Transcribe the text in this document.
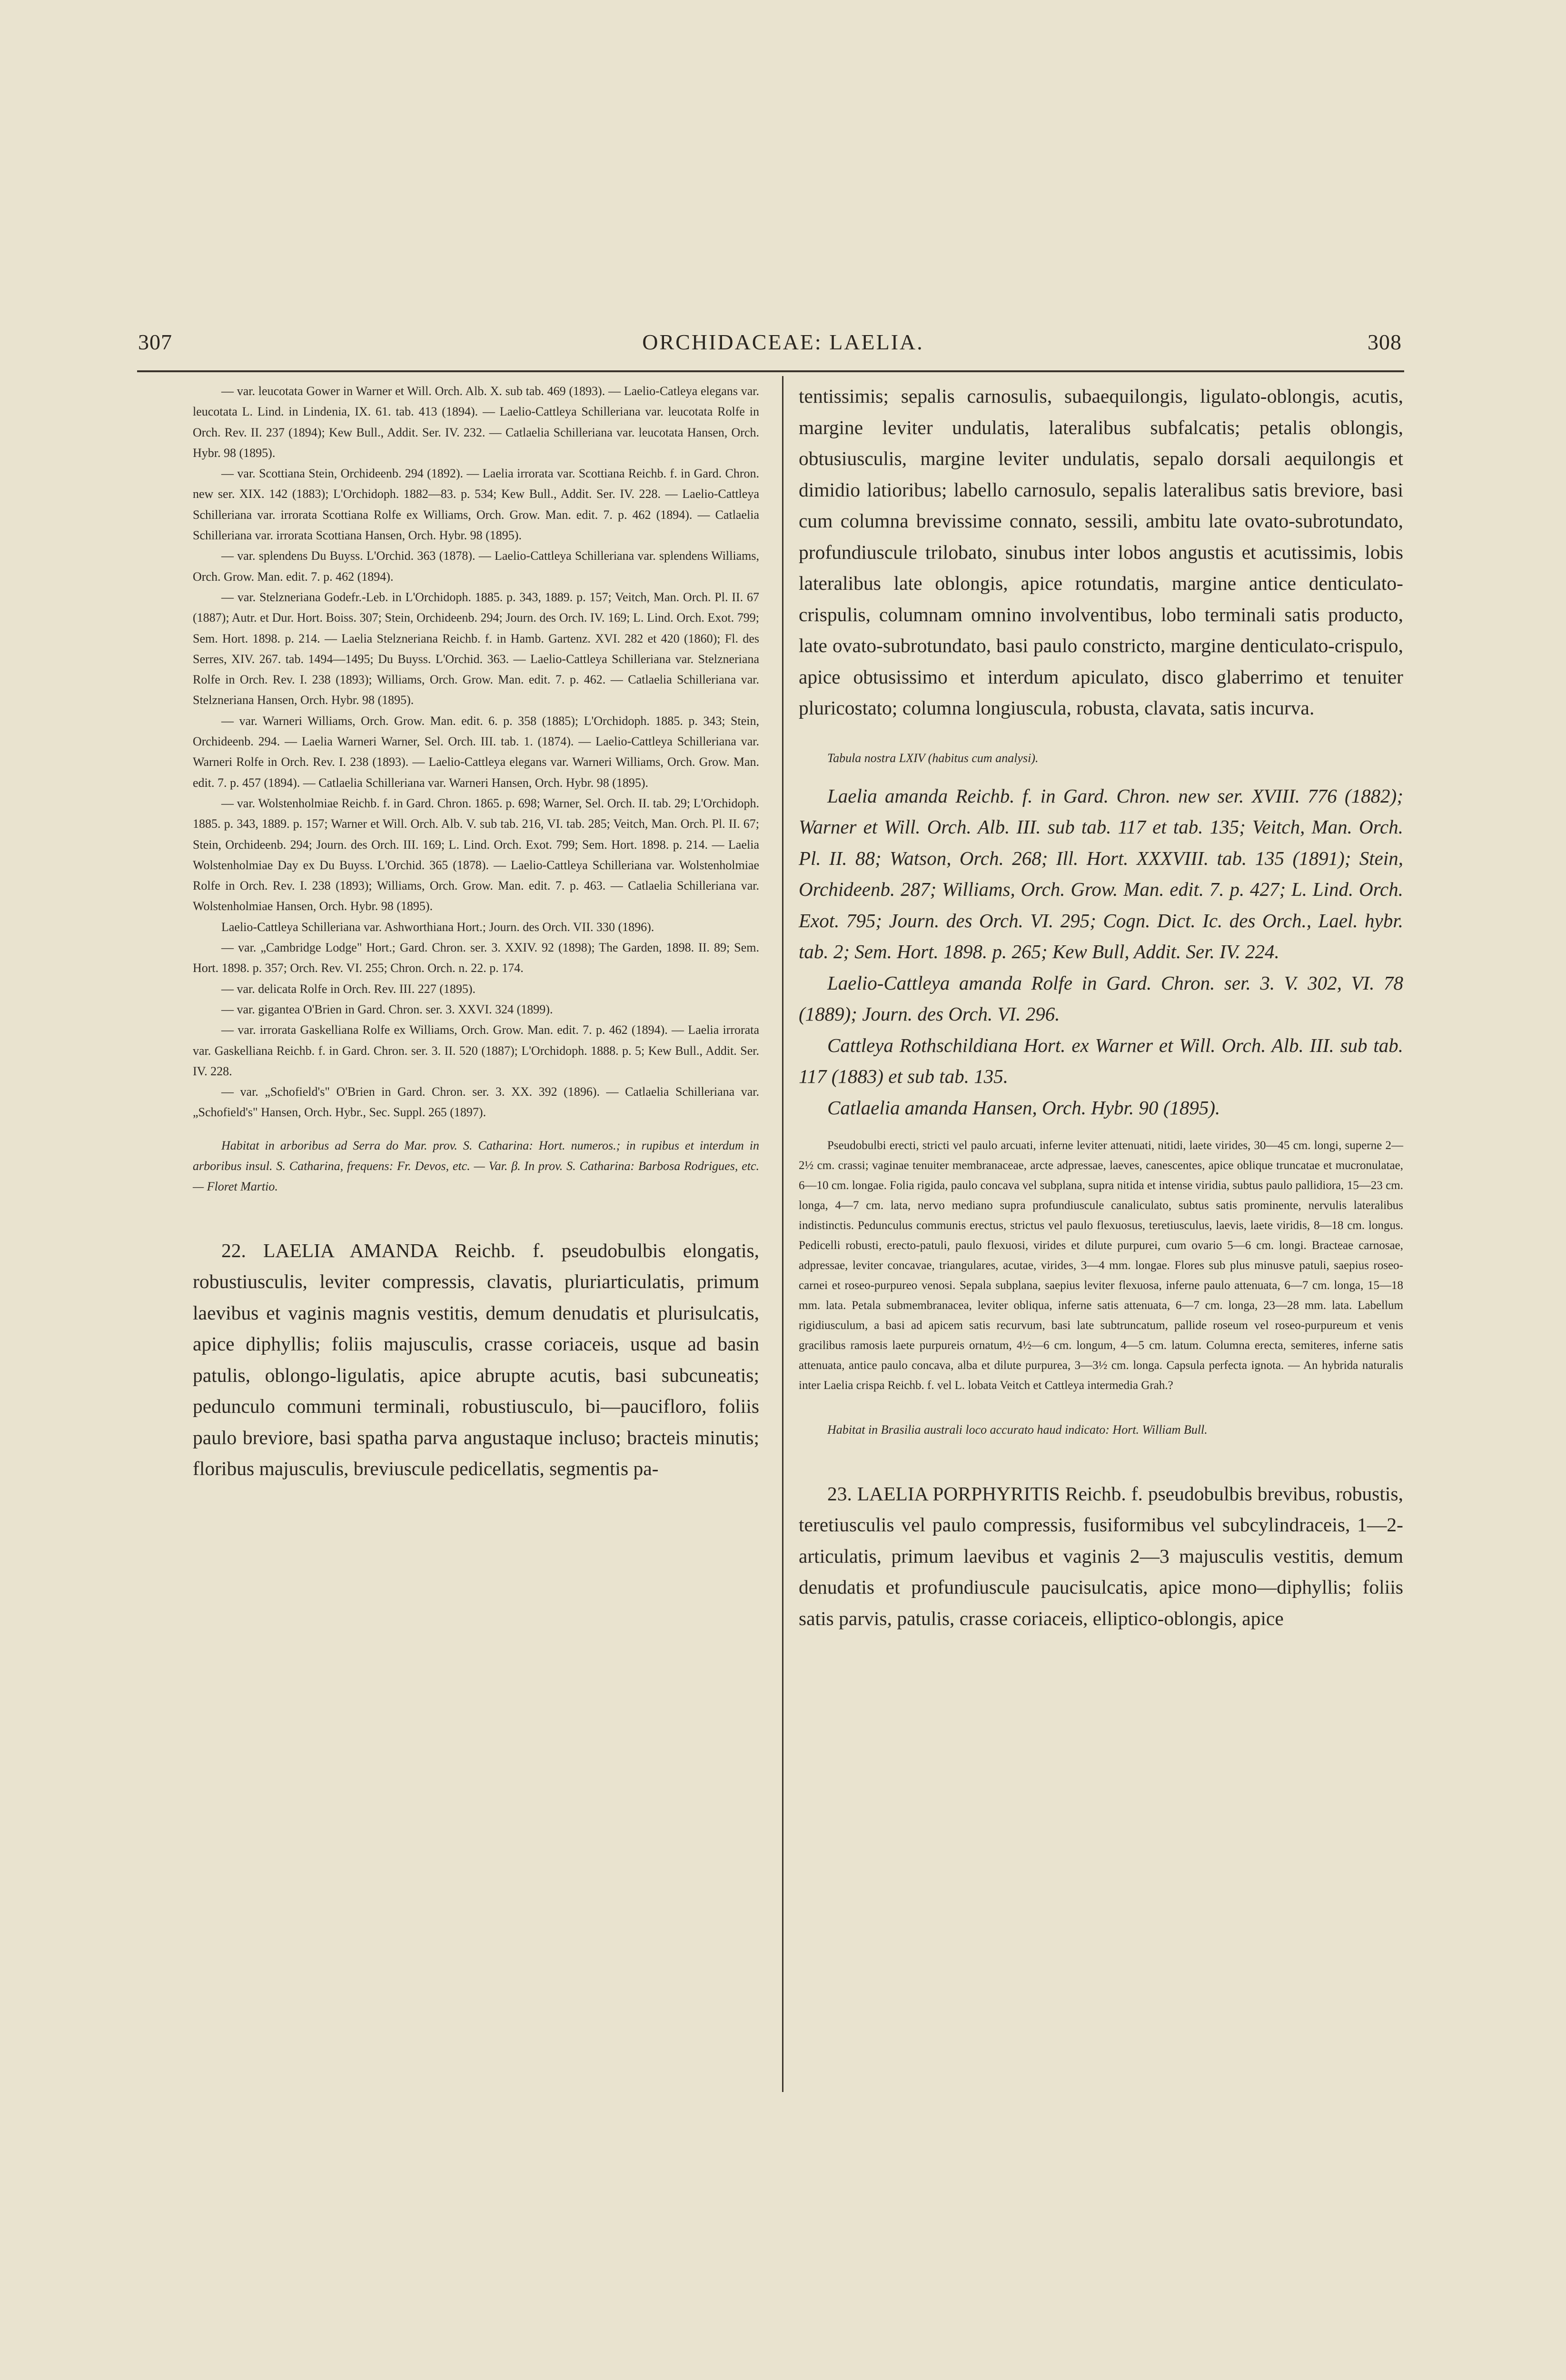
307	ORCHIDACEAE: LAELIA.	308

— var. leucotata Gower in Warner et Will. Orch. Alb. X. sub tab. 469 (1893). — Laelio-Catleya elegans var. leucotata L. Lind. in Lindenia, IX. 61. tab. 413 (1894). — Laelio-Cattleya Schilleriana var. leucotata Rolfe in Orch. Rev. II. 237 (1894); Kew Bull., Addit. Ser. IV. 232. — Catlaelia Schilleriana var. leucotata Hansen, Orch. Hybr. 98 (1895).

— var. Scottiana Stein, Orchideenb. 294 (1892). — Laelia irrorata var. Scottiana Reichb. f. in Gard. Chron. new ser. XIX. 142 (1883); L'Orchidoph. 1882—83. p. 534; Kew Bull., Addit. Ser. IV. 228. — Laelio-Cattleya Schilleriana var. irrorata Scottiana Rolfe ex Williams, Orch. Grow. Man. edit. 7. p. 462 (1894). — Catlaelia Schilleriana var. irrorata Scottiana Hansen, Orch. Hybr. 98 (1895).

— var. splendens Du Buyss. L'Orchid. 363 (1878). — Laelio-Cattleya Schilleriana var. splendens Williams, Orch. Grow. Man. edit. 7. p. 462 (1894).

— var. Stelzneriana Godefr.-Leb. in L'Orchidoph. 1885. p. 343, 1889. p. 157; Veitch, Man. Orch. Pl. II. 67 (1887); Autr. et Dur. Hort. Boiss. 307; Stein, Orchideenb. 294; Journ. des Orch. IV. 169; L. Lind. Orch. Exot. 799; Sem. Hort. 1898. p. 214. — Laelia Stelzneriana Reichb. f. in Hamb. Gartenz. XVI. 282 et 420 (1860); Fl. des Serres, XIV. 267. tab. 1494—1495; Du Buyss. L'Orchid. 363. — Laelio-Cattleya Schilleriana var. Stelzneriana Rolfe in Orch. Rev. I. 238 (1893); Williams, Orch. Grow. Man. edit. 7. p. 462. — Catlaelia Schilleriana var. Stelzneriana Hansen, Orch. Hybr. 98 (1895).

— var. Warneri Williams, Orch. Grow. Man. edit. 6. p. 358 (1885); L'Orchidoph. 1885. p. 343; Stein, Orchideenb. 294. — Laelia Warneri Warner, Sel. Orch. III. tab. 1. (1874). — Laelio-Cattleya Schilleriana var. Warneri Rolfe in Orch. Rev. I. 238 (1893). — Laelio-Cattleya elegans var. Warneri Williams, Orch. Grow. Man. edit. 7. p. 457 (1894). — Catlaelia Schilleriana var. Warneri Hansen, Orch. Hybr. 98 (1895).

— var. Wolstenholmiae Reichb. f. in Gard. Chron. 1865. p. 698; Warner, Sel. Orch. II. tab. 29; L'Orchidoph. 1885. p. 343, 1889. p. 157; Warner et Will. Orch. Alb. V. sub tab. 216, VI. tab. 285; Veitch, Man. Orch. Pl. II. 67; Stein, Orchideenb. 294; Journ. des Orch. III. 169; L. Lind. Orch. Exot. 799; Sem. Hort. 1898. p. 214. — Laelia Wolstenholmiae Day ex Du Buyss. L'Orchid. 365 (1878). — Laelio-Cattleya Schilleriana var. Wolstenholmiae Rolfe in Orch. Rev. I. 238 (1893); Williams, Orch. Grow. Man. edit. 7. p. 463. — Catlaelia Schilleriana var. Wolstenholmiae Hansen, Orch. Hybr. 98 (1895).

Laelio-Cattleya Schilleriana var. Ashworthiana Hort.; Journ. des Orch. VII. 330 (1896).

— var. „Cambridge Lodge" Hort.; Gard. Chron. ser. 3. XXIV. 92 (1898); The Garden, 1898. II. 89; Sem. Hort. 1898. p. 357; Orch. Rev. VI. 255; Chron. Orch. n. 22. p. 174.

— var. delicata Rolfe in Orch. Rev. III. 227 (1895).

— var. gigantea O'Brien in Gard. Chron. ser. 3. XXVI. 324 (1899).

— var. irrorata Gaskelliana Rolfe ex Williams, Orch. Grow. Man. edit. 7. p. 462 (1894). — Laelia irrorata var. Gaskelliana Reichb. f. in Gard. Chron. ser. 3. II. 520 (1887); L'Orchidoph. 1888. p. 5; Kew Bull., Addit. Ser. IV. 228.

— var. „Schofield's" O'Brien in Gard. Chron. ser. 3. XX. 392 (1896). — Catlaelia Schilleriana var. „Schofield's" Hansen, Orch. Hybr., Sec. Suppl. 265 (1897).

Habitat in arboribus ad Serra do Mar. prov. S. Catharina: Hort. numeros.; in rupibus et interdum in arboribus insul. S. Catharina, frequens: Fr. Devos, etc. — Var. β. In prov. S. Catharina: Barbosa Rodrigues, etc. — Floret Martio.

22. LAELIA AMANDA Reichb. f. pseudobulbis elongatis, robustiusculis, leviter compressis, clavatis, pluriarticulatis, primum laevibus et vaginis magnis vestitis, demum denudatis et plurisulcatis, apice diphyllis; foliis majusculis, crasse coriaceis, usque ad basin patulis, oblongo-ligulatis, apice abrupte acutis, basi subcuneatis; pedunculo communi terminali, robustiusculo, bi—paucifloro, foliis paulo breviore, basi spatha parva angustaque incluso; bracteis minutis; floribus majusculis, breviuscule pedicellatis, segmentis pa-

tentissimis; sepalis carnosulis, subaequilongis, ligulato-oblongis, acutis, margine leviter undulatis, lateralibus subfalcatis; petalis oblongis, obtusiusculis, margine leviter undulatis, sepalo dorsali aequilongis et dimidio latioribus; labello carnosulo, sepalis lateralibus satis breviore, basi cum columna brevissime connato, sessili, ambitu late ovato-subrotundato, profundiuscule trilobato, sinubus inter lobos angustis et acutissimis, lobis lateralibus late oblongis, apice rotundatis, margine antice denticulato-crispulis, columnam omnino involventibus, lobo terminali satis producto, late ovato-subrotundato, basi paulo constricto, margine denticulato-crispulo, apice obtusissimo et interdum apiculato, disco glaberrimo et tenuiter pluricostato; columna longiuscula, robusta, clavata, satis incurva.

Tabula nostra LXIV (habitus cum analysi).

Laelia amanda Reichb. f. in Gard. Chron. new ser. XVIII. 776 (1882); Warner et Will. Orch. Alb. III. sub tab. 117 et tab. 135; Veitch, Man. Orch. Pl. II. 88; Watson, Orch. 268; Ill. Hort. XXXVIII. tab. 135 (1891); Stein, Orchideenb. 287; Williams, Orch. Grow. Man. edit. 7. p. 427; L. Lind. Orch. Exot. 795; Journ. des Orch. VI. 295; Cogn. Dict. Ic. des Orch., Lael. hybr. tab. 2; Sem. Hort. 1898. p. 265; Kew Bull, Addit. Ser. IV. 224.

Laelio-Cattleya amanda Rolfe in Gard. Chron. ser. 3. V. 302, VI. 78 (1889); Journ. des Orch. VI. 296.

Cattleya Rothschildiana Hort. ex Warner et Will. Orch. Alb. III. sub tab. 117 (1883) et sub tab. 135.

Catlaelia amanda Hansen, Orch. Hybr. 90 (1895).

Pseudobulbi erecti, stricti vel paulo arcuati, inferne leviter attenuati, nitidi, laete virides, 30—45 cm. longi, superne 2—2½ cm. crassi; vaginae tenuiter membranaceae, arcte adpressae, laeves, canescentes, apice oblique truncatae et mucronulatae, 6—10 cm. longae. Folia rigida, paulo concava vel subplana, supra nitida et intense viridia, subtus paulo pallidiora, 15—23 cm. longa, 4—7 cm. lata, nervo mediano supra profundiuscule canaliculato, subtus satis prominente, nervulis lateralibus indistinctis. Pedunculus communis erectus, strictus vel paulo flexuosus, teretiusculus, laevis, laete viridis, 8—18 cm. longus. Pedicelli robusti, erecto-patuli, paulo flexuosi, virides et dilute purpurei, cum ovario 5—6 cm. longi. Bracteae carnosae, adpressae, leviter concavae, triangulares, acutae, virides, 3—4 mm. longae. Flores sub plus minusve patuli, saepius roseo-carnei et roseo-purpureo venosi. Sepala subplana, saepius leviter flexuosa, inferne paulo attenuata, 6—7 cm. longa, 15—18 mm. lata. Petala submembranacea, leviter obliqua, inferne satis attenuata, 6—7 cm. longa, 23—28 mm. lata. Labellum rigidiusculum, a basi ad apicem satis recurvum, basi late subtruncatum, pallide roseum vel roseo-purpureum et venis gracilibus ramosis laete purpureis ornatum, 4½—6 cm. longum, 4—5 cm. latum. Columna erecta, semiteres, inferne satis attenuata, antice paulo concava, alba et dilute purpurea, 3—3½ cm. longa. Capsula perfecta ignota. — An hybrida naturalis inter Laelia crispa Reichb. f. vel L. lobata Veitch et Cattleya intermedia Grah.?

Habitat in Brasilia australi loco accurato haud indicato: Hort. William Bull.

23. LAELIA PORPHYRITIS Reichb. f. pseudobulbis brevibus, robustis, teretiusculis vel paulo compressis, fusiformibus vel subcylindraceis, 1—2-articulatis, primum laevibus et vaginis 2—3 majusculis vestitis, demum denudatis et profundiuscule paucisulcatis, apice mono—diphyllis; foliis satis parvis, patulis, crasse coriaceis, elliptico-oblongis, apice
